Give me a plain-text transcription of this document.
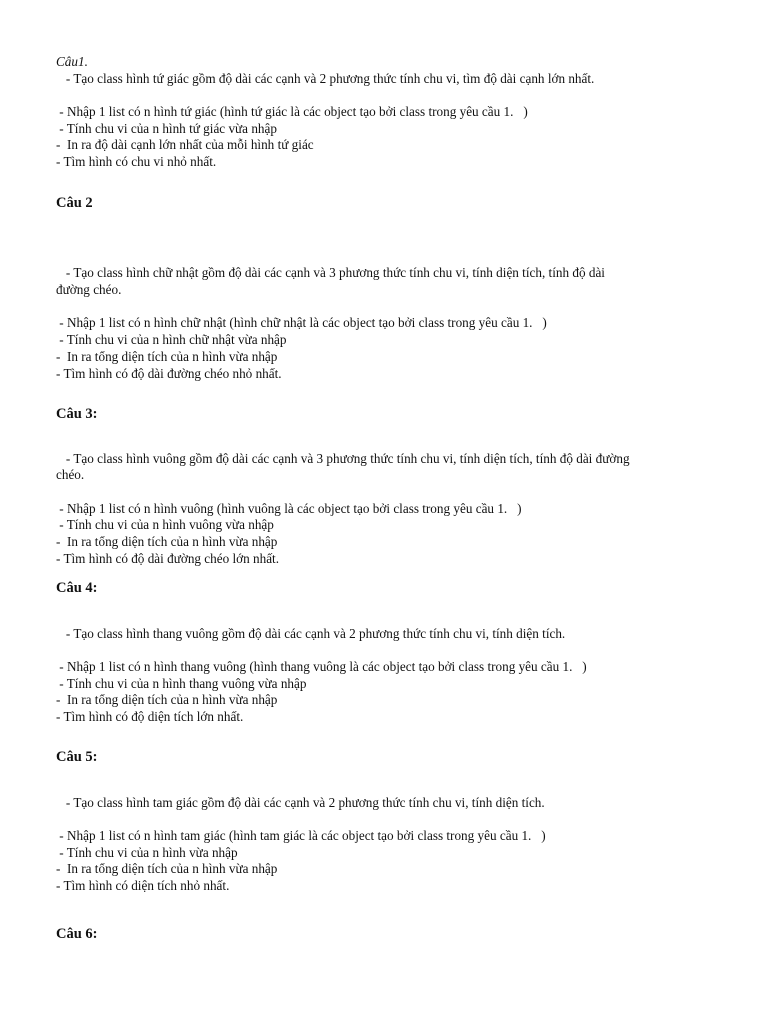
Câu1.
- Tạo class hình tứ giác gồm độ dài các cạnh và 2 phương thức tính chu vi, tìm độ dài cạnh lớn nhất.
- Nhập 1 list có n hình tứ giác (hình tứ giác là các object tạo bởi class trong yêu cầu 1.   )
- Tính chu vi của n hình tứ giác vừa nhập
-  In ra độ dài cạnh lớn nhất của mỗi hình tứ giác
- Tìm hình có chu vi nhỏ nhất.
Câu 2
- Tạo class hình chữ nhật gồm độ dài các cạnh và 3 phương thức tính chu vi, tính diện tích, tính độ dài
đường chéo.
- Nhập 1 list có n hình chữ nhật (hình chữ nhật là các object tạo bởi class trong yêu cầu 1.   )
- Tính chu vi của n hình chữ nhật vừa nhập
-  In ra tổng diện tích của n hình vừa nhập
- Tìm hình có độ dài đường chéo nhỏ nhất.
Câu 3:
- Tạo class hình vuông gồm độ dài các cạnh và 3 phương thức tính chu vi, tính diện tích, tính độ dài đường
chéo.
- Nhập 1 list có n hình vuông (hình vuông là các object tạo bởi class trong yêu cầu 1.   )
- Tính chu vi của n hình vuông vừa nhập
-  In ra tổng diện tích của n hình vừa nhập
- Tìm hình có độ dài đường chéo lớn nhất.
Câu 4:
- Tạo class hình thang vuông gồm độ dài các cạnh và 2 phương thức tính chu vi, tính diện tích.
- Nhập 1 list có n hình thang vuông (hình thang vuông là các object tạo bởi class trong yêu cầu 1.   )
- Tính chu vi của n hình thang vuông vừa nhập
-  In ra tổng diện tích của n hình vừa nhập
- Tìm hình có độ diện tích lớn nhất.
Câu 5:
- Tạo class hình tam giác gồm độ dài các cạnh và 2 phương thức tính chu vi, tính diện tích.
- Nhập 1 list có n hình tam giác (hình tam giác là các object tạo bởi class trong yêu cầu 1.   )
- Tính chu vi của n hình vừa nhập
-  In ra tổng diện tích của n hình vừa nhập
- Tìm hình có diện tích nhỏ nhất.
Câu 6:
